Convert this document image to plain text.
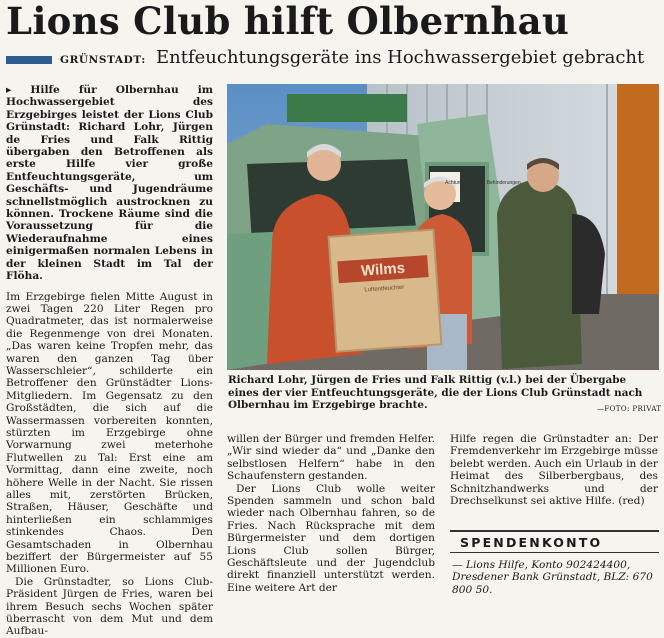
Lions Club hilft Olbernhau
GRÜNSTADT: Entfeuchtungsgeräte ins Hochwassergebiet gebracht

▸ Hilfe für Olbernhau im Hochwassergebiet des Erzgebirges leistet der Lions Club Grünstadt: Richard Lohr, Jürgen de Fries und Falk Rittig übergaben den Betroffenen als erste Hilfe vier große Entfeuchtungsgeräte, um Geschäfts- und Jugendräume schnellstmöglich austrocknen zu können. Trockene Räume sind die Voraussetzung für die Wiederaufnahme eines einigermaßen normalen Lebens in der kleinen Stadt im Tal der Flöha.

Im Erzgebirge fielen Mitte August in zwei Tagen 220 Liter Regen pro Quadratmeter, das ist normalerweise die Regenmenge von drei Monaten. „Das waren keine Tropfen mehr, das waren den ganzen Tag über Wasserschleier“, schilderte ein Betroffener den Grünstädter Lions-Mitgliedern. Im Gegensatz zu den Großstädten, die sich auf die Wassermassen vorbereiten konnten, stürzten im Erzgebirge ohne Vorwarnung zwei meterhohe Flutwellen zu Tal: Erst eine am Vormittag, dann eine zweite, noch höhere Welle in der Nacht. Sie rissen alles mit, zerstörten Brücken, Straßen, Häuser, Geschäfte und hinterließen ein schlammiges stinkendes Chaos. Den Gesamtschaden in Olbernhau beziffert der Bürgermeister auf 55 Millionen Euro.

Die Grünstadter, so Lions Club-Präsident Jürgen de Fries, waren bei ihrem Besuch sechs Wochen später überrascht von dem Mut und dem Aufbau-

Wilms
Luftentfeuchter
Achtung Baustelle Behinderungen
Richard Lohr, Jürgen de Fries und Falk Rittig (v.l.) bei der Übergabe eines der vier Entfeuchtungsgeräte, die der Lions Club Grünstadt nach Olbernhau im Erzgebirge brachte.	—FOTO: PRIVAT

willen der Bürger und fremden Helfer. „Wir sind wieder da“ und „Danke den selbstlosen Helfern“ habe in den Schaufenstern gestanden.

Der Lions Club wolle weiter Spenden sammeln und schon bald wieder nach Olbernhau fahren, so de Fries. Nach Rücksprache mit dem Bürgermeister und dem dortigen Lions Club sollen Bürger, Geschäftsleute und der Jugendclub direkt finanziell unterstützt werden. Eine weitere Art der

Hilfe regen die Grünstadter an: Der Fremdenverkehr im Erzgebirge müsse belebt werden. Auch ein Urlaub in der Heimat des Silberbergbaus, des Schnitzhandwerks und der Drechselkunst sei aktive Hilfe. (red)

SPENDENKONTO
— Lions Hilfe, Konto 902424400, Dresdener Bank Grünstadt, BLZ: 670 800 50.
